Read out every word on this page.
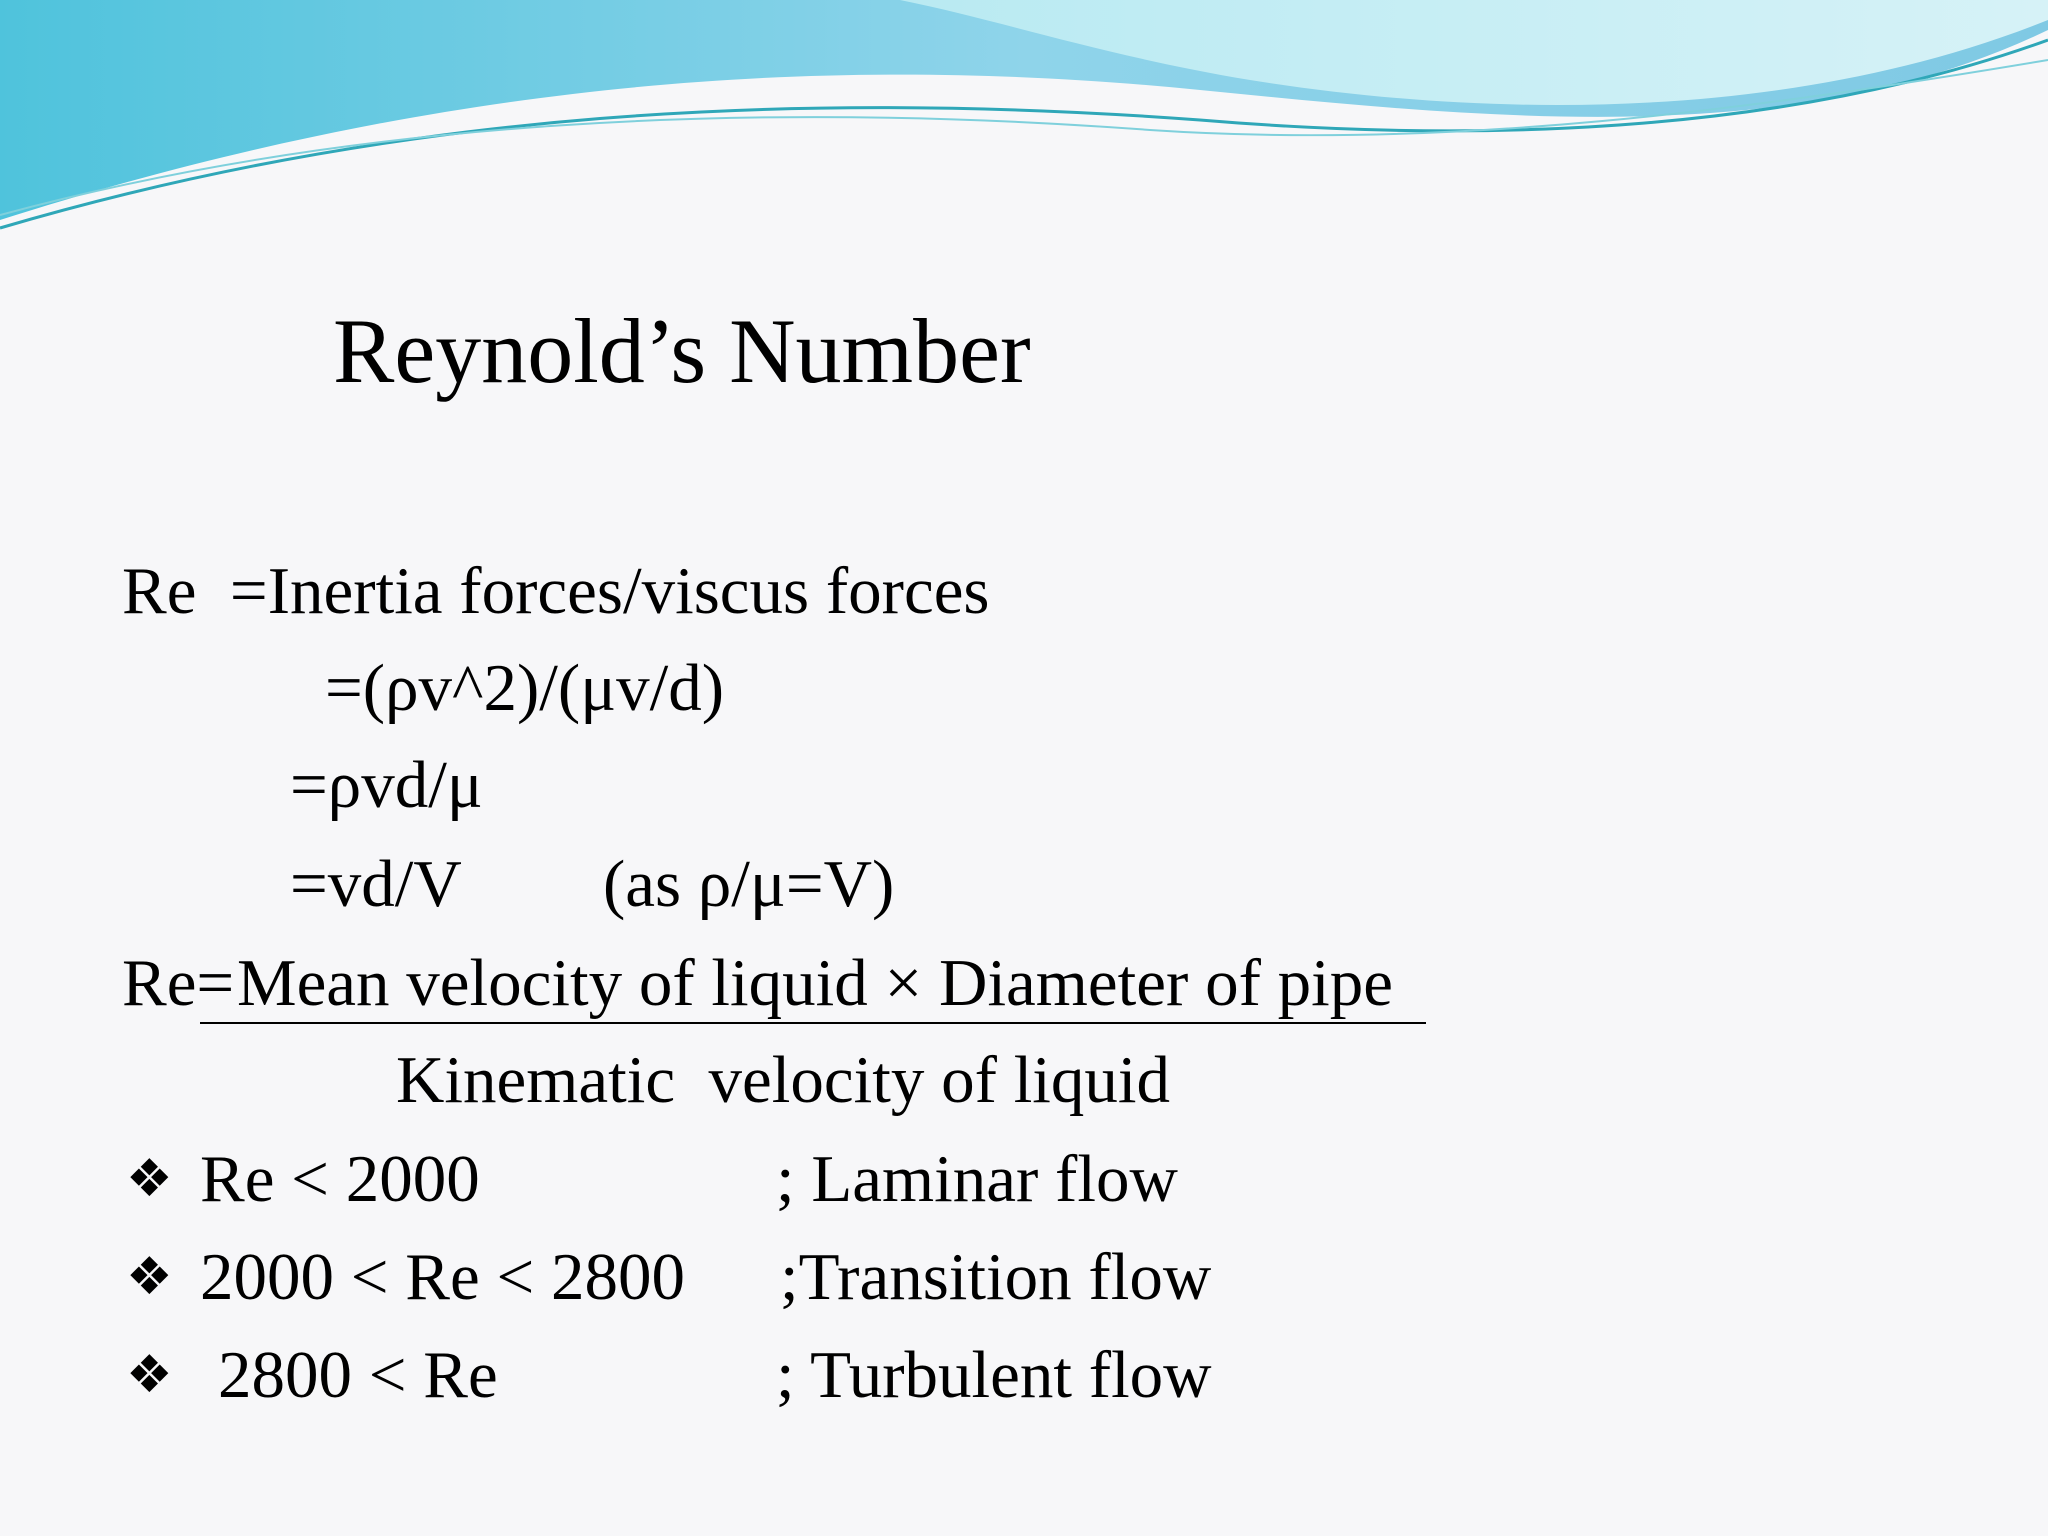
Reynold’s Number
Re  =Inertia forces/viscus forces
=(ρv^2)/(μv/d)
=ρvd/μ
=vd/V (as ρ/μ=V)
Re= Mean velocity of liquid × Diameter of pipe
Kinematic  velocity of liquid
❖ Re < 2000	; Laminar flow
❖ 2000 < Re < 2800 ;Transition flow
❖ 2800 < Re	; Turbulent flow
